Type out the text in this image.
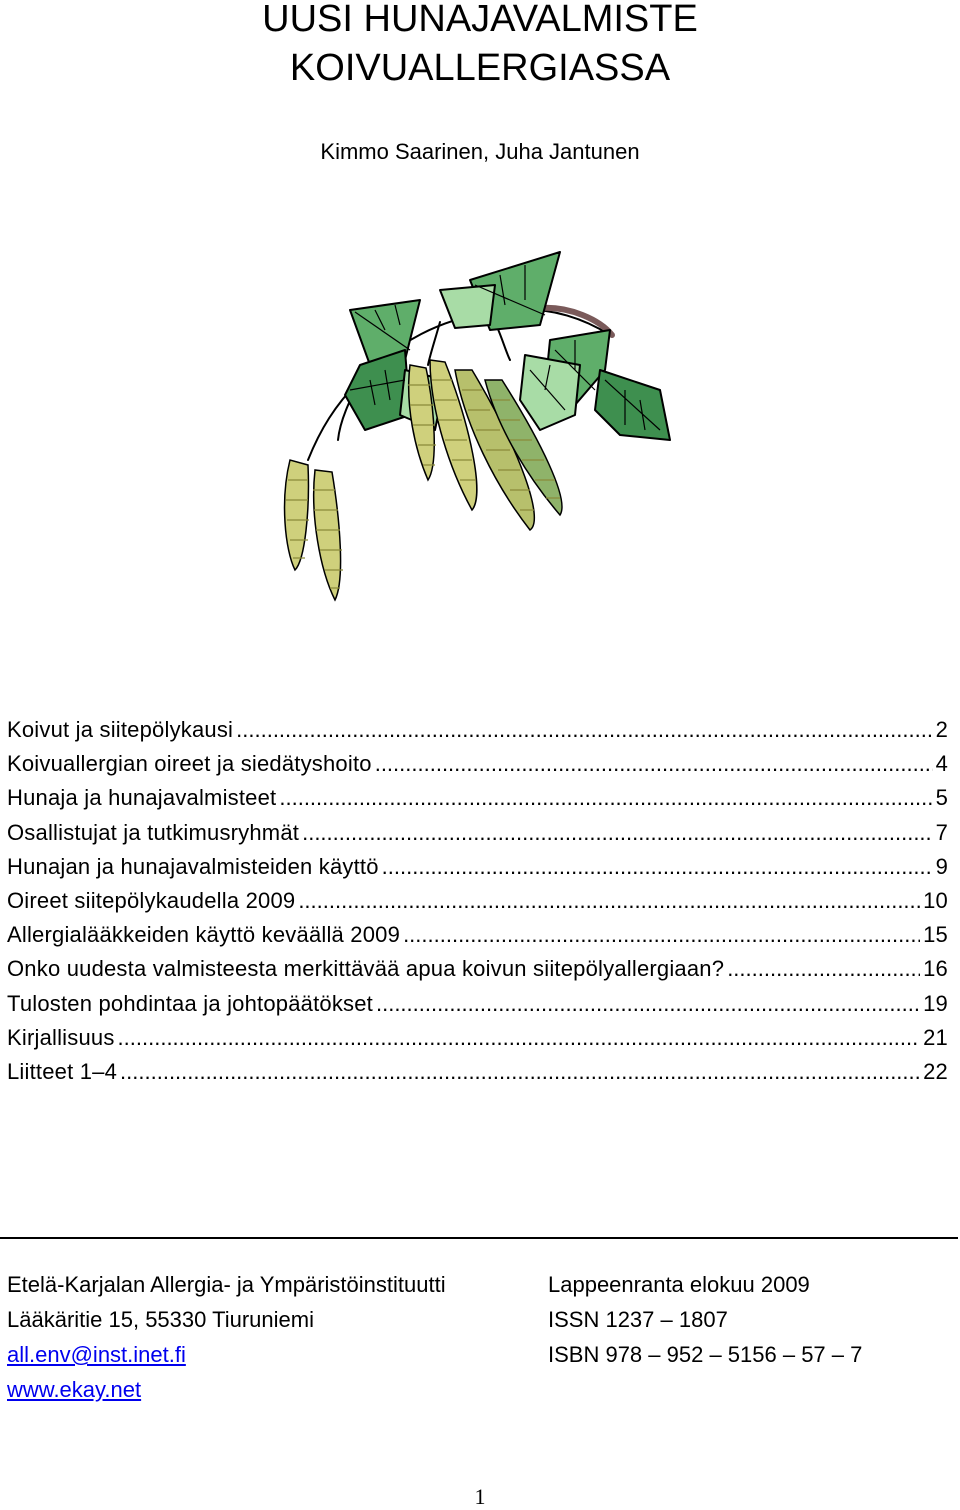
UUSI HUNAJAVALMISTE
KOIVUALLERGIASSA
Kimmo Saarinen, Juha Jantunen
Koivut ja siitepölykausi .....	2
Koivuallergian oireet ja siedätyshoito .....	4
Hunaja ja hunajavalmisteet .....	5
Osallistujat ja tutkimusryhmät .....	7
Hunajan ja hunajavalmisteiden käyttö .....	9
Oireet siitepölykaudella 2009 .....	10
Allergialääkkeiden käyttö keväällä 2009 .....	15
Onko uudesta valmisteesta merkittävää apua koivun siitepölyallergiaan? .....	16
Tulosten pohdintaa ja johtopäätökset .....	19
Kirjallisuus .....	21
Liitteet 1–4 .....	22
Etelä-Karjalan Allergia- ja Ympäristöinstituutti
Lääkäritie 15, 55330 Tiuruniemi
all.env@inst.inet.fi
www.ekay.net
Lappeenranta elokuu 2009
ISSN 1237 – 1807
ISBN 978 – 952 – 5156 – 57 – 7
1
